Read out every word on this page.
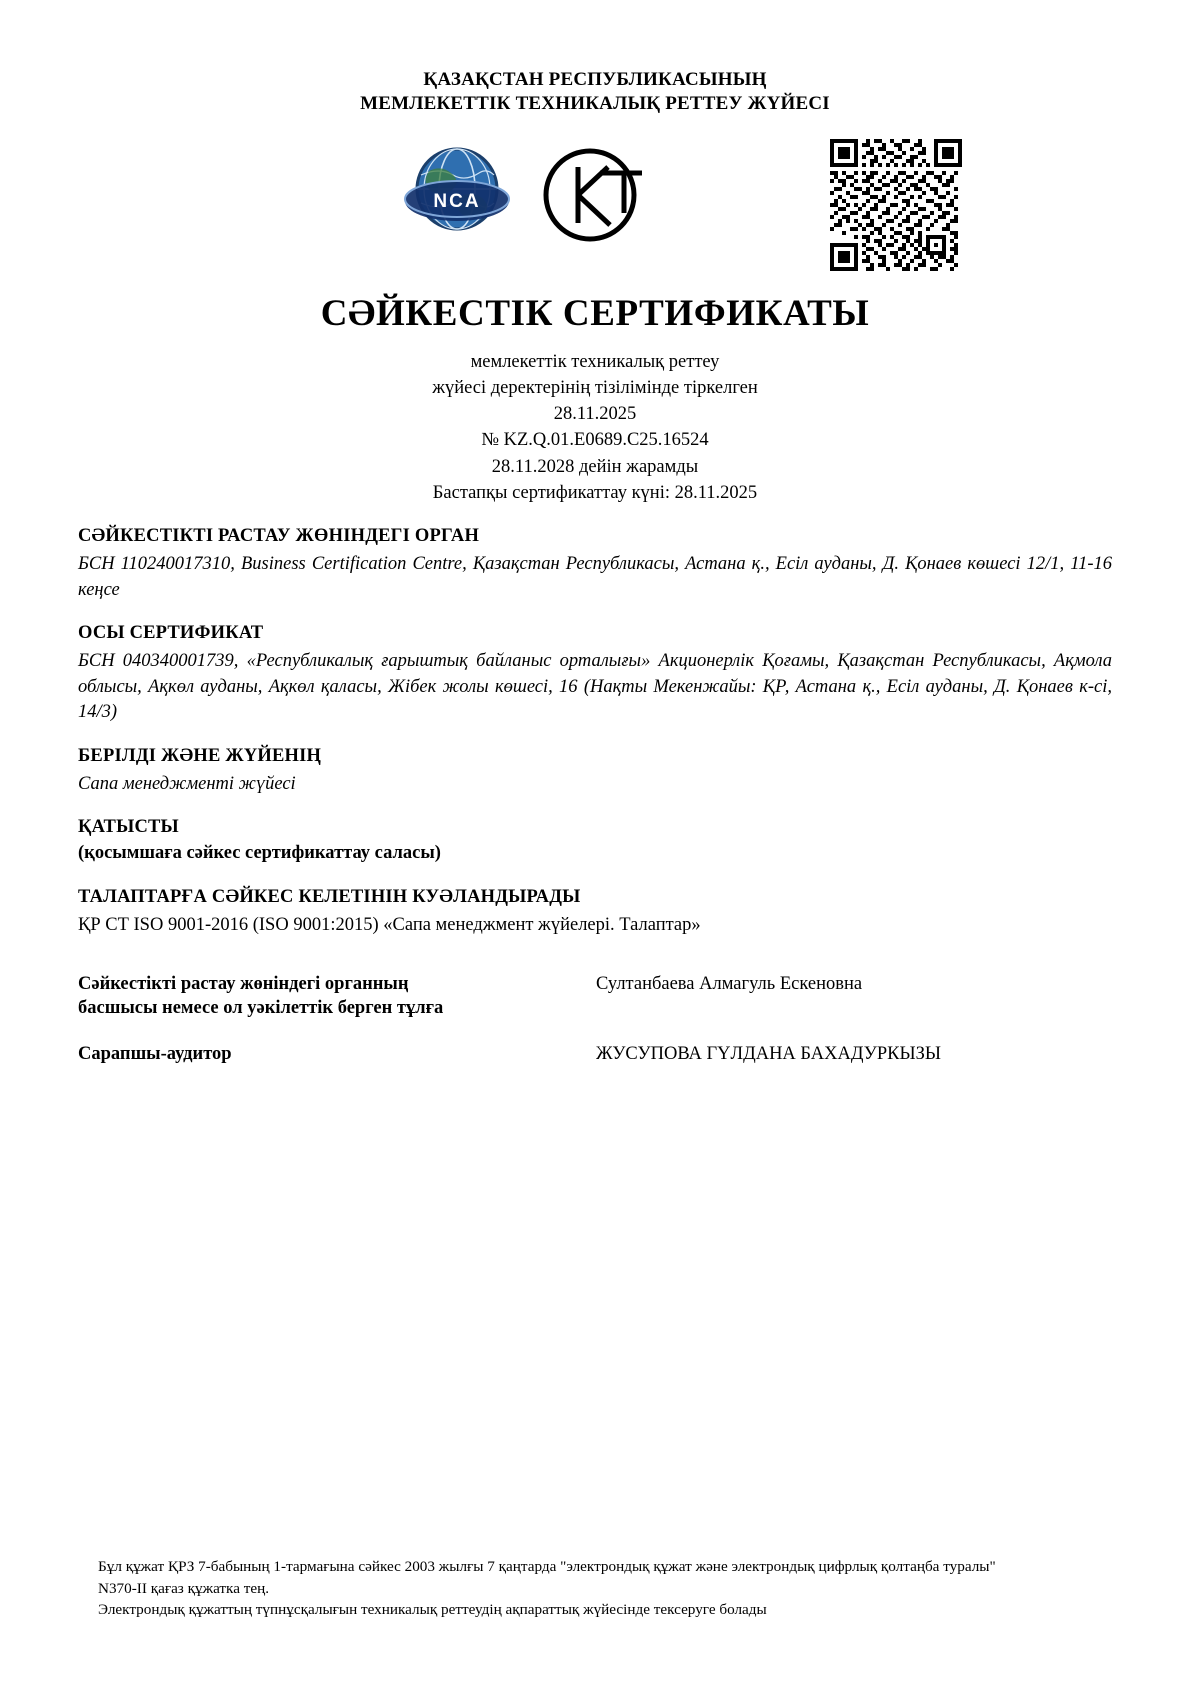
ҚАЗАҚСТАН РЕСПУБЛИКАСЫНЫҢ
МЕМЛЕКЕТТІК ТЕХНИКАЛЫҚ РЕТТЕУ ЖҮЙЕСІ
NCA
СӘЙКЕСТІК СЕРТИФИКАТЫ
мемлекеттік техникалық реттеу
жүйесі деректерінің тізілімінде тіркелген
28.11.2025
№ KZ.Q.01.E0689.C25.16524
28.11.2028 дейін жарамды
Бастапқы сертификаттау күні: 28.11.2025
СӘЙКЕСТІКТІ РАСТАУ ЖӨНІНДЕГІ ОРГАН
БСН 110240017310, Business Certification Centre, Қазақстан Республикасы, Астана қ., Есіл ауданы, Д. Қонаев көшесі 12/1, 11-16 кеңсе
ОСЫ СЕРТИФИКАТ
БСН 040340001739, «Республикалық ғарыштық байланыс орталығы» Акционерлік Қоғамы, Қазақстан Республикасы, Ақмола облысы, Ақкөл ауданы, Ақкөл қаласы, Жібек жолы көшесі, 16 (Нақты Мекенжайы: ҚР, Астана қ., Есіл ауданы, Д. Қонаев к-сі, 14/3)
БЕРІЛДІ ЖӘНЕ ЖҮЙЕНІҢ
Сапа менеджменті жүйесі
ҚАТЫСТЫ
(қосымшаға сәйкес сертификаттау саласы)
ТАЛАПТАРҒА СӘЙКЕС КЕЛЕТІНІН КУӘЛАНДЫРАДЫ
ҚР СТ ISO 9001-2016 (ISO 9001:2015) «Сапа менеджмент жүйелері. Талаптар»
Сәйкестікті растау жөніндегі органның
басшысы немесе ол уәкілеттік берген тұлға
Султанбаева Алмагуль Ескеновна
Сарапшы-аудитор	ЖУСУПОВА ГҮЛДАНА БАХАДУРКЫЗЫ
Бұл құжат ҚРЗ 7-бабының 1-тармағына сәйкес 2003 жылғы 7 қаңтарда "электрондық құжат және электрондық цифрлық қолтаңба туралы"
N370-II қағаз құжатка тең.
Электрондық құжаттың түпнұсқалығын техникалық реттеудің ақпараттық жүйесінде тексеруге болады
